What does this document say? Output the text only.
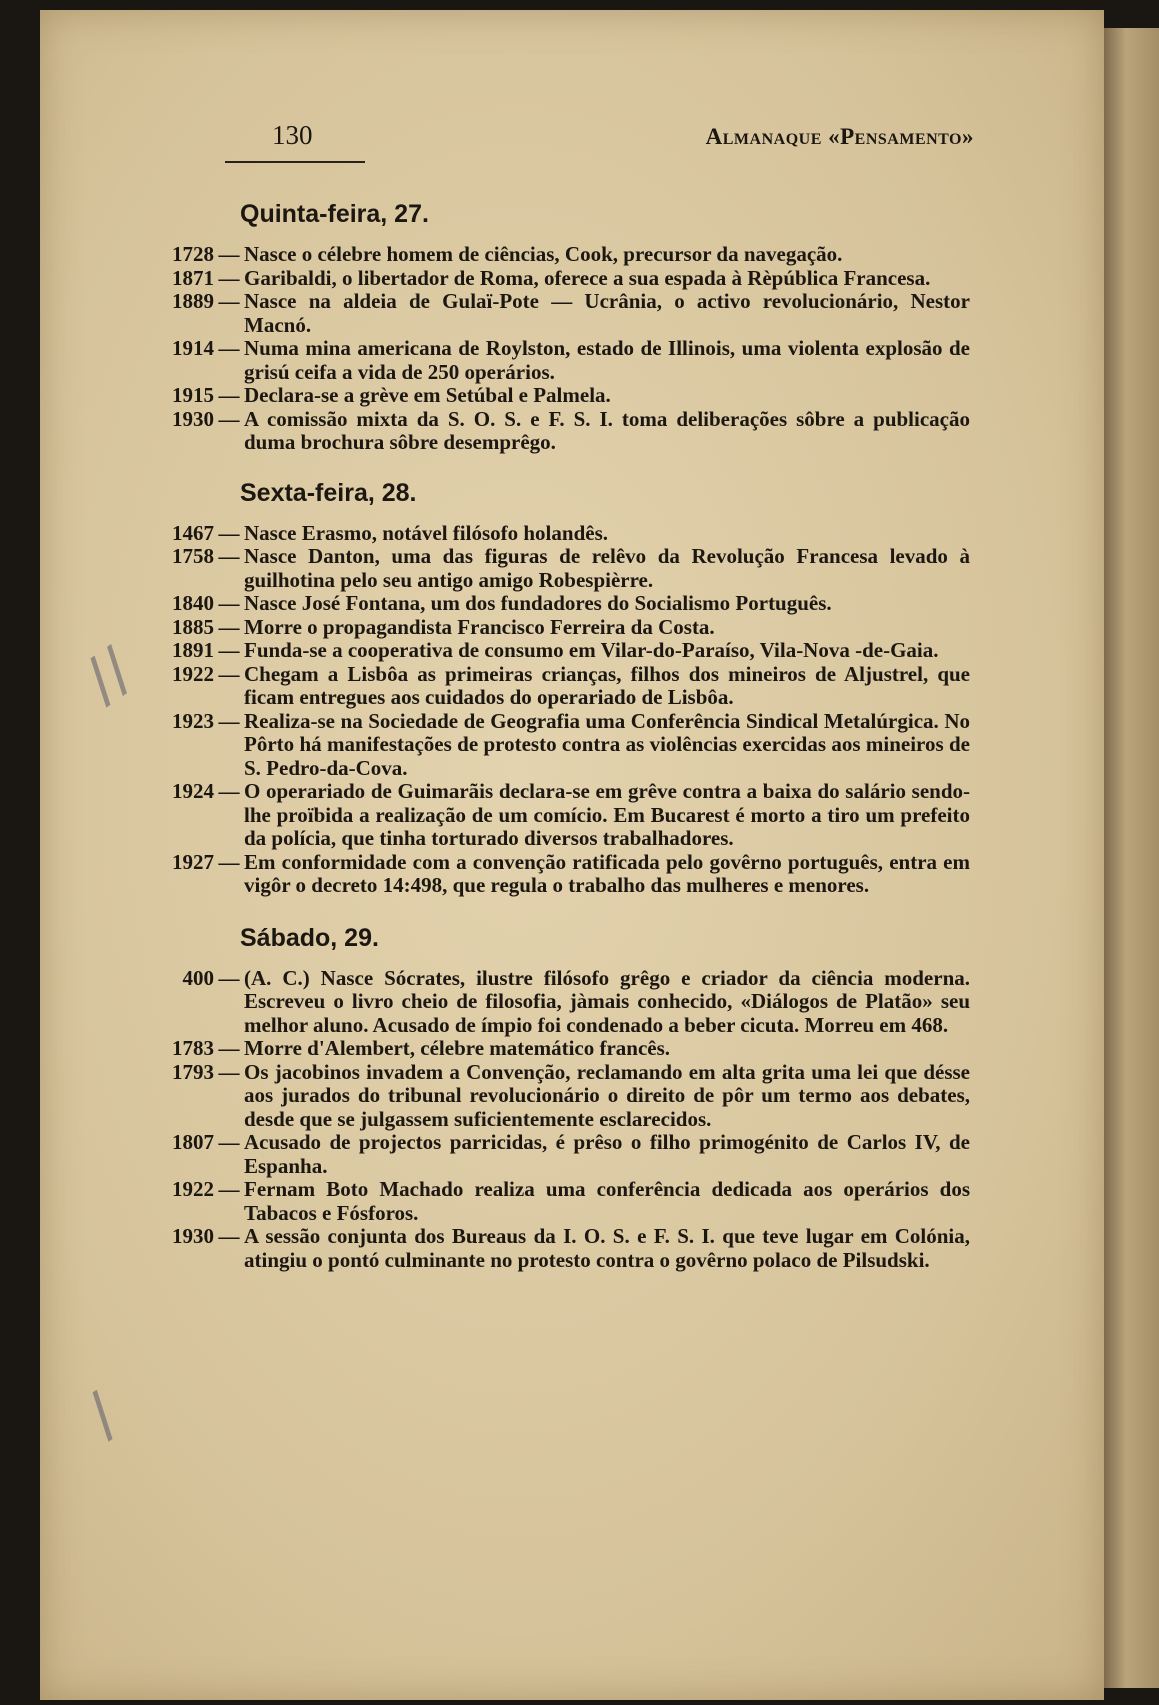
130	Almanaque «Pensamento»
//
/
Quinta-feira, 27.
1728 — Nasce o célebre homem de ciências, Cook, precursor da navegação.
1871 — Garibaldi, o libertador de Roma, oferece a sua espada à Rèpública Francesa.
1889 — Nasce na aldeia de Gulaï-Pote — Ucrânia, o activo revolucionário, Nestor Macnó.
1914 — Numa mina americana de Roylston, estado de Illinois, uma violenta explosão de grisú ceifa a vida de 250 operários.
1915 — Declara-se a grève em Setúbal e Palmela.
1930 — A comissão mixta da S. O. S. e F. S. I. toma deliberações sôbre a publicação duma brochura sôbre desemprêgo.
Sexta-feira, 28.
1467 — Nasce Erasmo, notável filósofo holandês.
1758 — Nasce Danton, uma das figuras de relêvo da Revolução Francesa levado à guilhotina pelo seu antigo amigo Robespièrre.
1840 — Nasce José Fontana, um dos fundadores do Socialismo Português.
1885 — Morre o propagandista Francisco Ferreira da Costa.
1891 — Funda-se a cooperativa de consumo em Vilar-do-Paraíso, Vila-Nova -de-Gaia.
1922 — Chegam a Lisbôa as primeiras crianças, filhos dos mineiros de Aljustrel, que ficam entregues aos cuidados do operariado de Lisbôa.
1923 — Realiza-se na Sociedade de Geografia uma Conferência Sindical Metalúrgica. No Pôrto há manifestações de protesto contra as violências exercidas aos mineiros de S. Pedro-da-Cova.
1924 — O operariado de Guimarãis declara-se em grêve contra a baixa do salário sendo-lhe proïbida a realização de um comício. Em Bucarest é morto a tiro um prefeito da polícia, que tinha torturado diversos trabalhadores.
1927 — Em conformidade com a convenção ratificada pelo govêrno português, entra em vigôr o decreto 14:498, que regula o trabalho das mulheres e menores.
Sábado, 29.
400 — (A. C.) Nasce Sócrates, ilustre filósofo grêgo e criador da ciência moderna. Escreveu o livro cheio de filosofia, jàmais conhecido, «Diálogos de Platão» seu melhor aluno. Acusado de ímpio foi condenado a beber cicuta. Morreu em 468.
1783 — Morre d'Alembert, célebre matemático francês.
1793 — Os jacobinos invadem a Convenção, reclamando em alta grita uma lei que désse aos jurados do tribunal revolucionário o direito de pôr um termo aos debates, desde que se julgassem suficientemente esclarecidos.
1807 — Acusado de projectos parricidas, é prêso o filho primogénito de Carlos IV, de Espanha.
1922 — Fernam Boto Machado realiza uma conferência dedicada aos operários dos Tabacos e Fósforos.
1930 — A sessão conjunta dos Bureaus da I. O. S. e F. S. I. que teve lugar em Colónia, atingiu o pontó culminante no protesto contra o govêrno polaco de Pilsudski.
